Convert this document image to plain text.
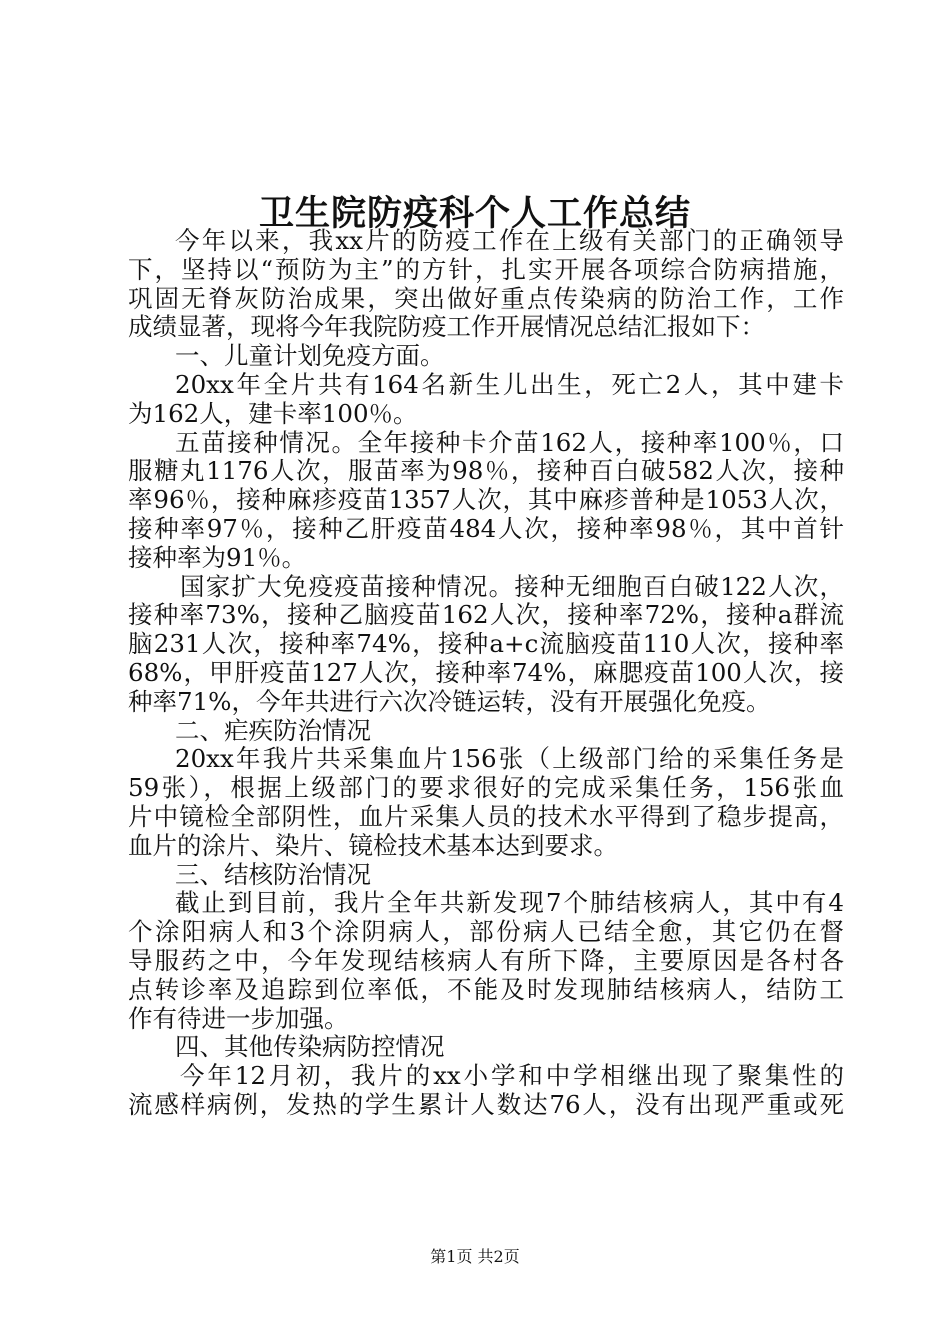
卫生院防疫科个人工作总结
今年以来，我xx片的防疫工作在上级有关部门的正确领导
下，坚持以“预防为主”的方针，扎实开展各项综合防病措施，
巩固无脊灰防治成果，突出做好重点传染病的防治工作，工作
成绩显著，现将今年我院防疫工作开展情况总结汇报如下：
一、儿童计划免疫方面。
20xx年全片共有164名新生儿出生，死亡2人，其中建卡
为162人，建卡率100％。
五苗接种情况。全年接种卡介苗162人，接种率100％，口
服糖丸1176人次，服苗率为98％，接种百白破582人次，接种
率96％，接种麻疹疫苗1357人次，其中麻疹普种是1053人次，
接种率97％，接种乙肝疫苗484人次，接种率98％，其中首针
接种率为91％。
国家扩大免疫疫苗接种情况。接种无细胞百白破122人次，
接种率73%，接种乙脑疫苗162人次，接种率72%，接种a群流
脑231人次，接种率74%，接种a+c流脑疫苗110人次，接种率
68%，甲肝疫苗127人次，接种率74%，麻腮疫苗100人次，接
种率71%，今年共进行六次冷链运转，没有开展强化免疫。
二、疟疾防治情况
20xx年我片共采集血片156张（上级部门给的采集任务是
59张），根据上级部门的要求很好的完成采集任务，156张血
片中镜检全部阴性，血片采集人员的技术水平得到了稳步提高，
血片的涂片、染片、镜检技术基本达到要求。
三、结核防治情况
截止到目前，我片全年共新发现7个肺结核病人，其中有4
个涂阳病人和3个涂阴病人，部份病人已结全愈，其它仍在督
导服药之中，今年发现结核病人有所下降，主要原因是各村各
点转诊率及追踪到位率低，不能及时发现肺结核病人，结防工
作有待进一步加强。
四、其他传染病防控情况
今年12月初，我片的xx小学和中学相继出现了聚集性的
流感样病例，发热的学生累计人数达76人，没有出现严重或死
第1页 共2页
